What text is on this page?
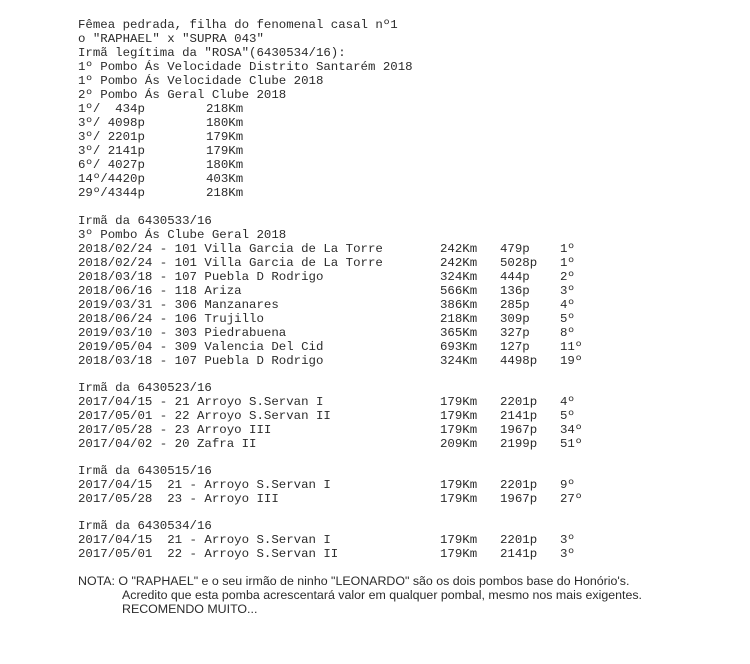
Fêmea pedrada, filha do fenomenal casal nº1
o "RAPHAEL" x "SUPRA 043"
Irmã legítima da "ROSA"(6430534/16):
1º Pombo Ás Velocidade Distrito Santarém 2018
1º Pombo Ás Velocidade Clube 2018
2º Pombo Ás Geral Clube 2018
1º/  434p	218Km
3º/ 4098p	180Km
3º/ 2201p	179Km
3º/ 2141p	179Km
6º/ 4027p	180Km
14º/4420p	403Km
29º/4344p	218Km
Irmã da 6430533/16
3º Pombo Ás Clube Geral 2018
2018/02/24 - 101 Villa Garcia de La Torre	242Km 479p 1º
2018/02/24 - 101 Villa Garcia de La Torre	242Km 5028p 1º
2018/03/18 - 107 Puebla D Rodrigo	324Km 444p 2º
2018/06/16 - 118 Ariza	566Km 136p 3º
2019/03/31 - 306 Manzanares	386Km 285p 4º
2018/06/24 - 106 Trujillo	218Km 309p 5º
2019/03/10 - 303 Piedrabuena	365Km 327p 8º
2019/05/04 - 309 Valencia Del Cid	693Km 127p 11º
2018/03/18 - 107 Puebla D Rodrigo	324Km 4498p 19º
Irmã da 6430523/16
2017/04/15 - 21 Arroyo S.Servan I	179Km 2201p 4º
2017/05/01 - 22 Arroyo S.Servan II	179Km 2141p 5º
2017/05/28 - 23 Arroyo III	179Km 1967p 34º
2017/04/02 - 20 Zafra II	209Km 2199p 51º
Irmã da 6430515/16
2017/04/15  21 - Arroyo S.Servan I	179Km 2201p 9º
2017/05/28  23 - Arroyo III	179Km 1967p 27º
Irmã da 6430534/16
2017/04/15  21 - Arroyo S.Servan I	179Km 2201p 3º
2017/05/01  22 - Arroyo S.Servan II	179Km 2141p 3º

NOTA: O "RAPHAEL" e o seu irmão de ninho "LEONARDO" são os dois pombos base do Honório's.

Acredito que esta pomba acrescentará valor em qualquer pombal, mesmo nos mais exigentes.

RECOMENDO MUITO...
